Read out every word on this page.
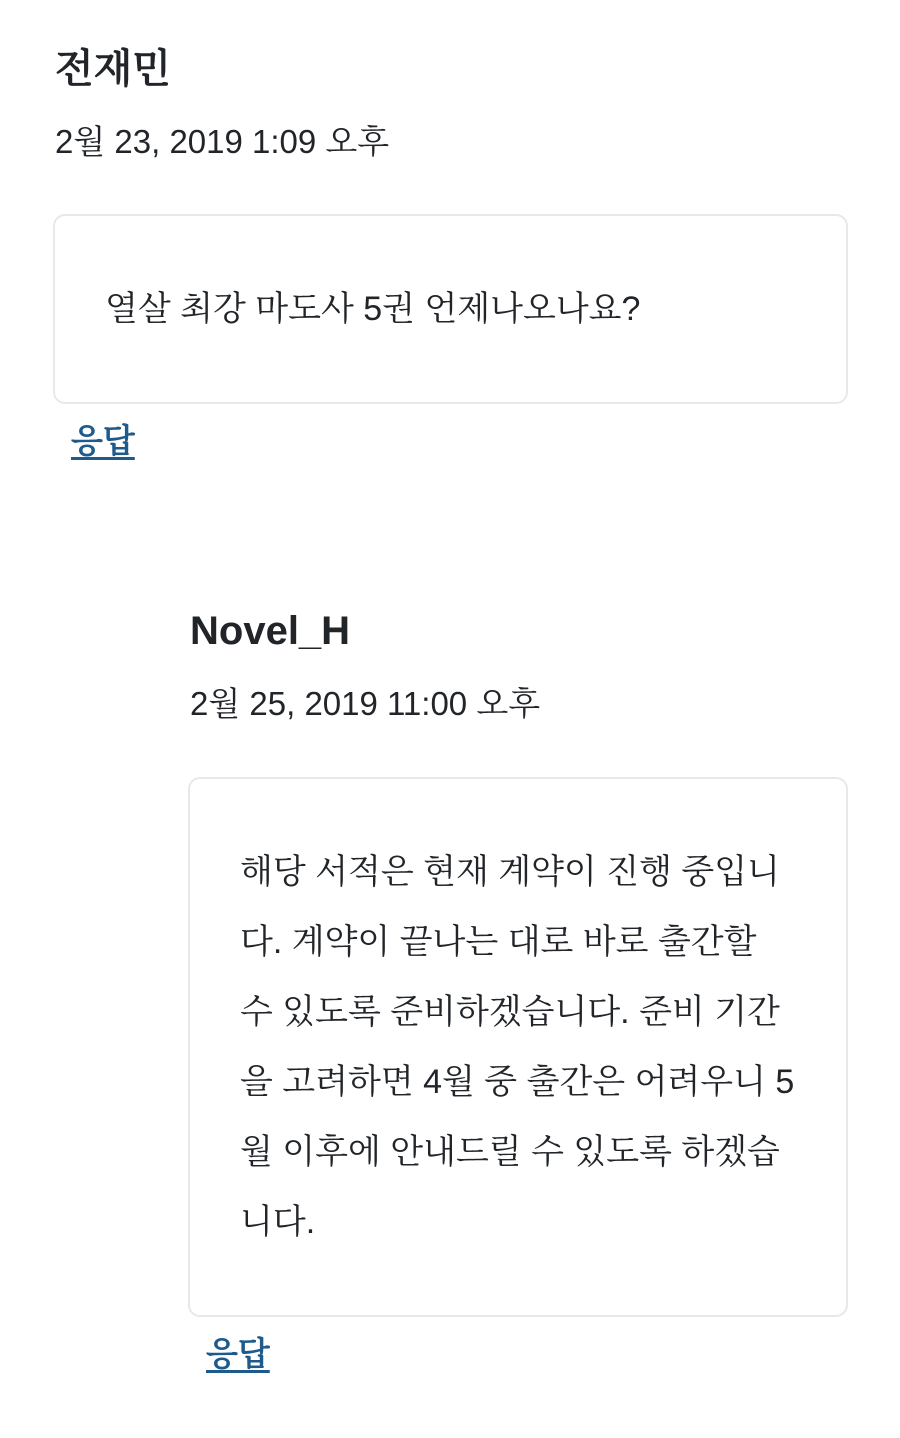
전재민
2월 23, 2019 1:09 오후

열살 최강 마도사 5권 언제나오나요?

응답
Novel_H
2월 25, 2019 11:00 오후

해당 서적은 현재 계약이 진행 중입니다. 계약이 끝나는 대로 바로 출간할 수 있도록 준비하겠습니다. 준비 기간을 고려하면 4월 중 출간은 어려우니 5월 이후에 안내드릴 수 있도록 하겠습니다.

응답
